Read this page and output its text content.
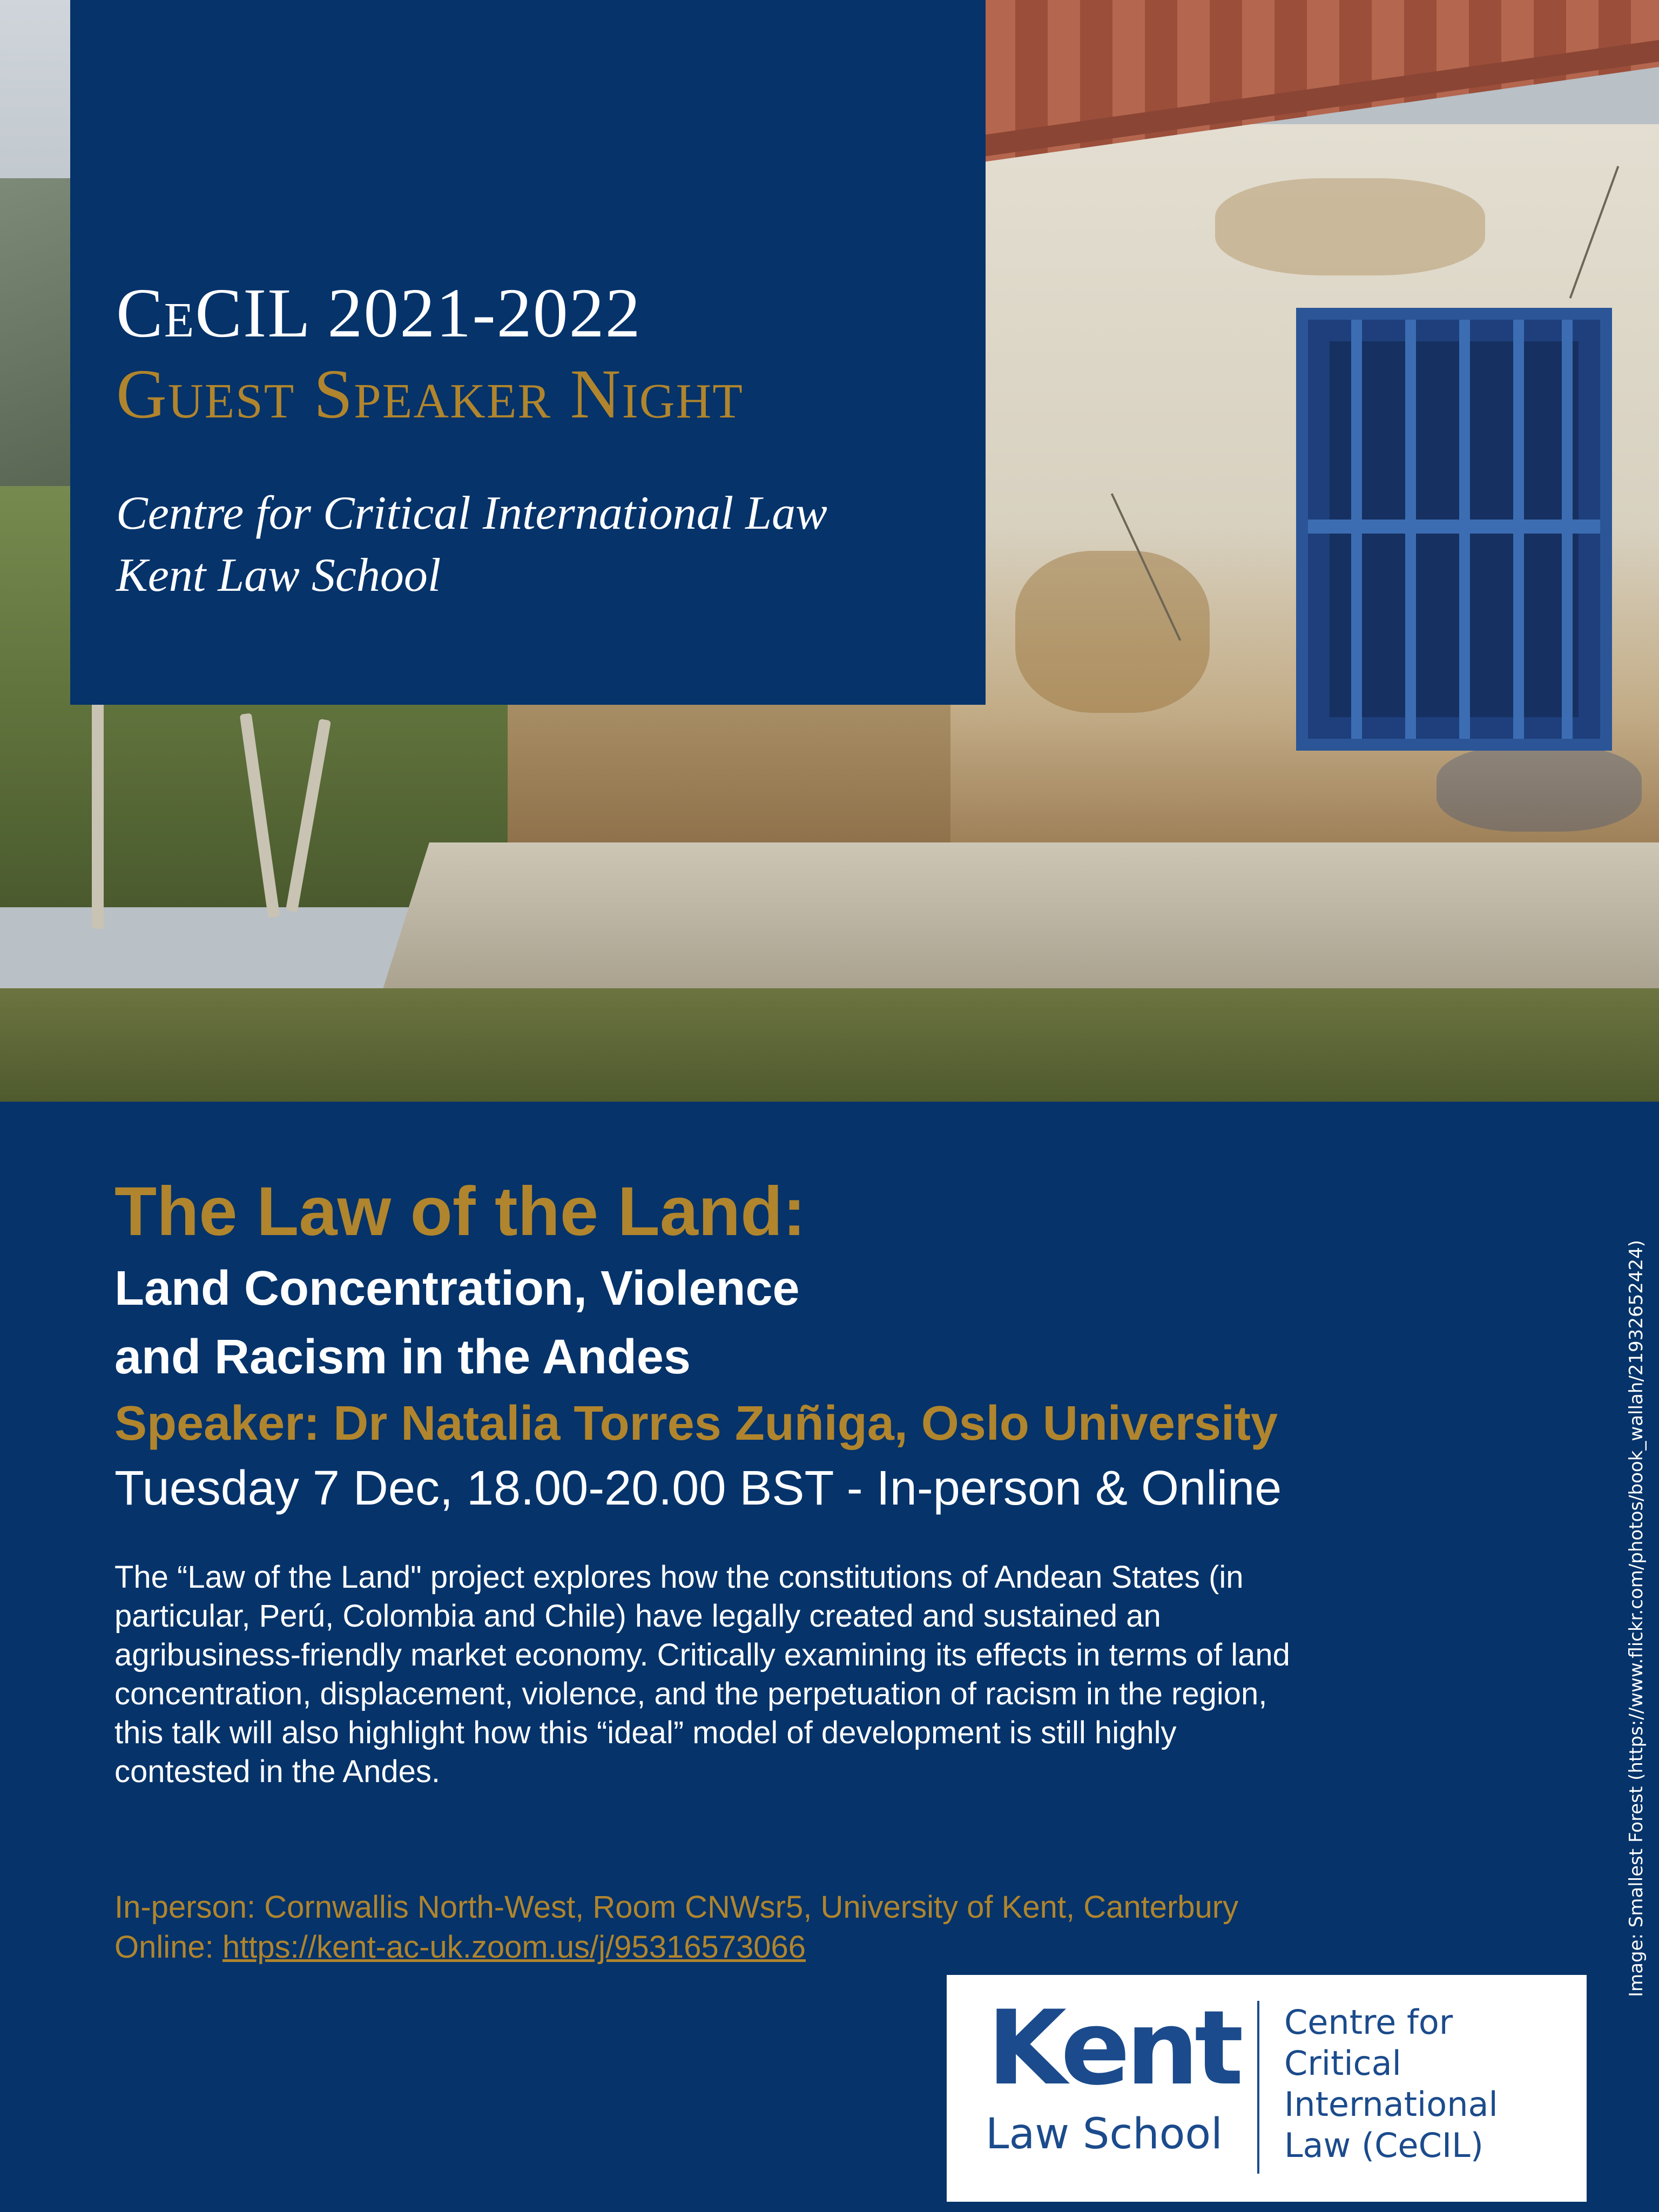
CeCIL 2021-2022
Guest Speaker Night
Centre for Critical International Law
Kent Law School
The Law of the Land:
Land Concentration, Violence
and Racism in the Andes
Speaker: Dr Natalia Torres Zuñiga, Oslo University
Tuesday 7 Dec, 18.00-20.00 BST - In-person & Online
The “Law of the Land" project explores how the constitutions of Andean States (in
particular, Perú, Colombia and Chile) have legally created and sustained an
agribusiness-friendly market economy. Critically examining its effects in terms of land
concentration, displacement, violence, and the perpetuation of racism in the region,
this talk will also highlight how this “ideal” model of development is still highly
contested in the Andes.
In-person: Cornwallis North-West, Room CNWsr5, University of Kent, Canterbury
Online: https://kent-ac-uk.zoom.us/j/95316573066	Image: Smallest Forest (https://www.flickr.com/photos/book_wallah/21932652424)
Kent
Law School
Centre for
Critical
International
Law (CeCIL)
